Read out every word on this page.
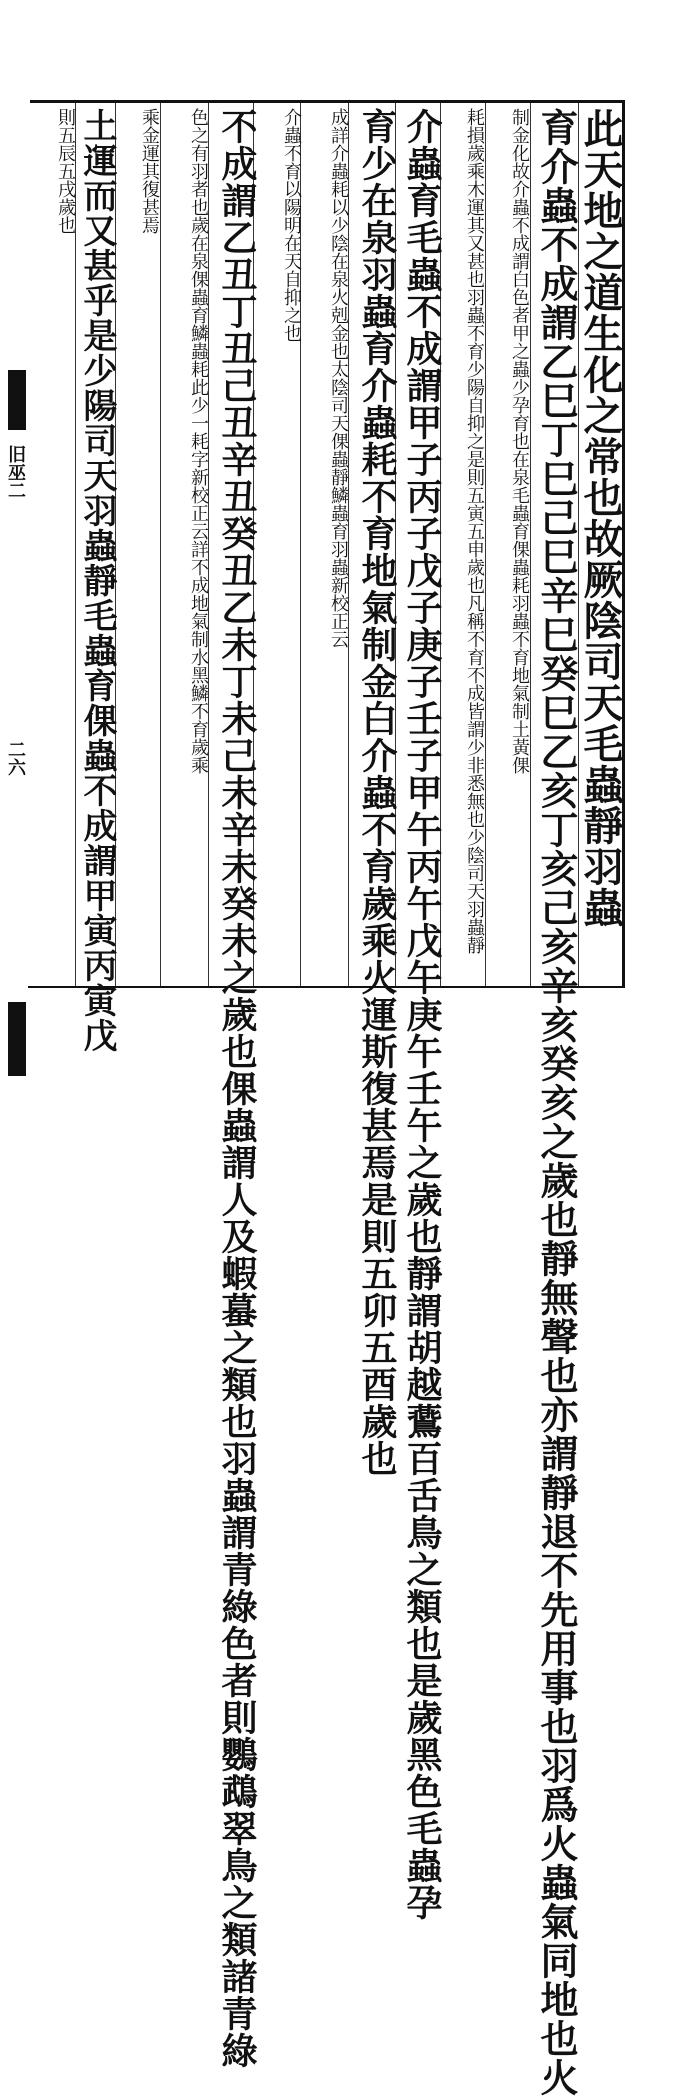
旧巫二
二六	此天地之道生化之常也故厥陰司天毛蟲靜羽蟲
育介蟲不成謂乙巳丁巳己巳辛巳癸巳乙亥丁亥己亥辛亥癸亥之歲也靜無聲也亦謂靜退不先用事也羽爲火蟲氣同地也火
制金化故介蟲不成謂白色者甲之蟲少孕育也在泉毛蟲育倮蟲耗羽蟲不育地氣制土黃倮
耗損歲乘木運其又甚也羽蟲不育少陽自抑之是則五寅五申歲也凡稱不育不成皆謂少非悉無也少陰司天羽蟲靜
介蟲育毛蟲不成謂甲子丙子戊子庚子壬子甲午丙午戊午庚午壬午之歲也靜謂胡越鷰百舌鳥之類也是歲黑色毛蟲孕
育少在泉羽蟲育介蟲耗不育地氣制金白介蟲不育歲乘火運斯復甚焉是則五卯五酉歲也
成詳介蟲耗以少陰在泉火剋金也太陰司天倮蟲靜鱗蟲育羽蟲新校正云
介蟲不育以陽明在天自抑之也
不成謂乙丑丁丑己丑辛丑癸丑乙未丁未己未辛未癸未之歲也倮蟲謂人及蝦蟇之類也羽蟲謂青綠色者則鸚鵡翠鳥之類諸青綠
色之有羽者也歲在泉倮蟲育鱗蟲耗此少一耗字新校正云詳不成地氣制水黑鱗不育歲乘
乘金運其復甚焉
土運而又甚乎是少陽司天羽蟲靜毛蟲育倮蟲不成謂甲寅丙寅戊
則五辰五戌歲也
